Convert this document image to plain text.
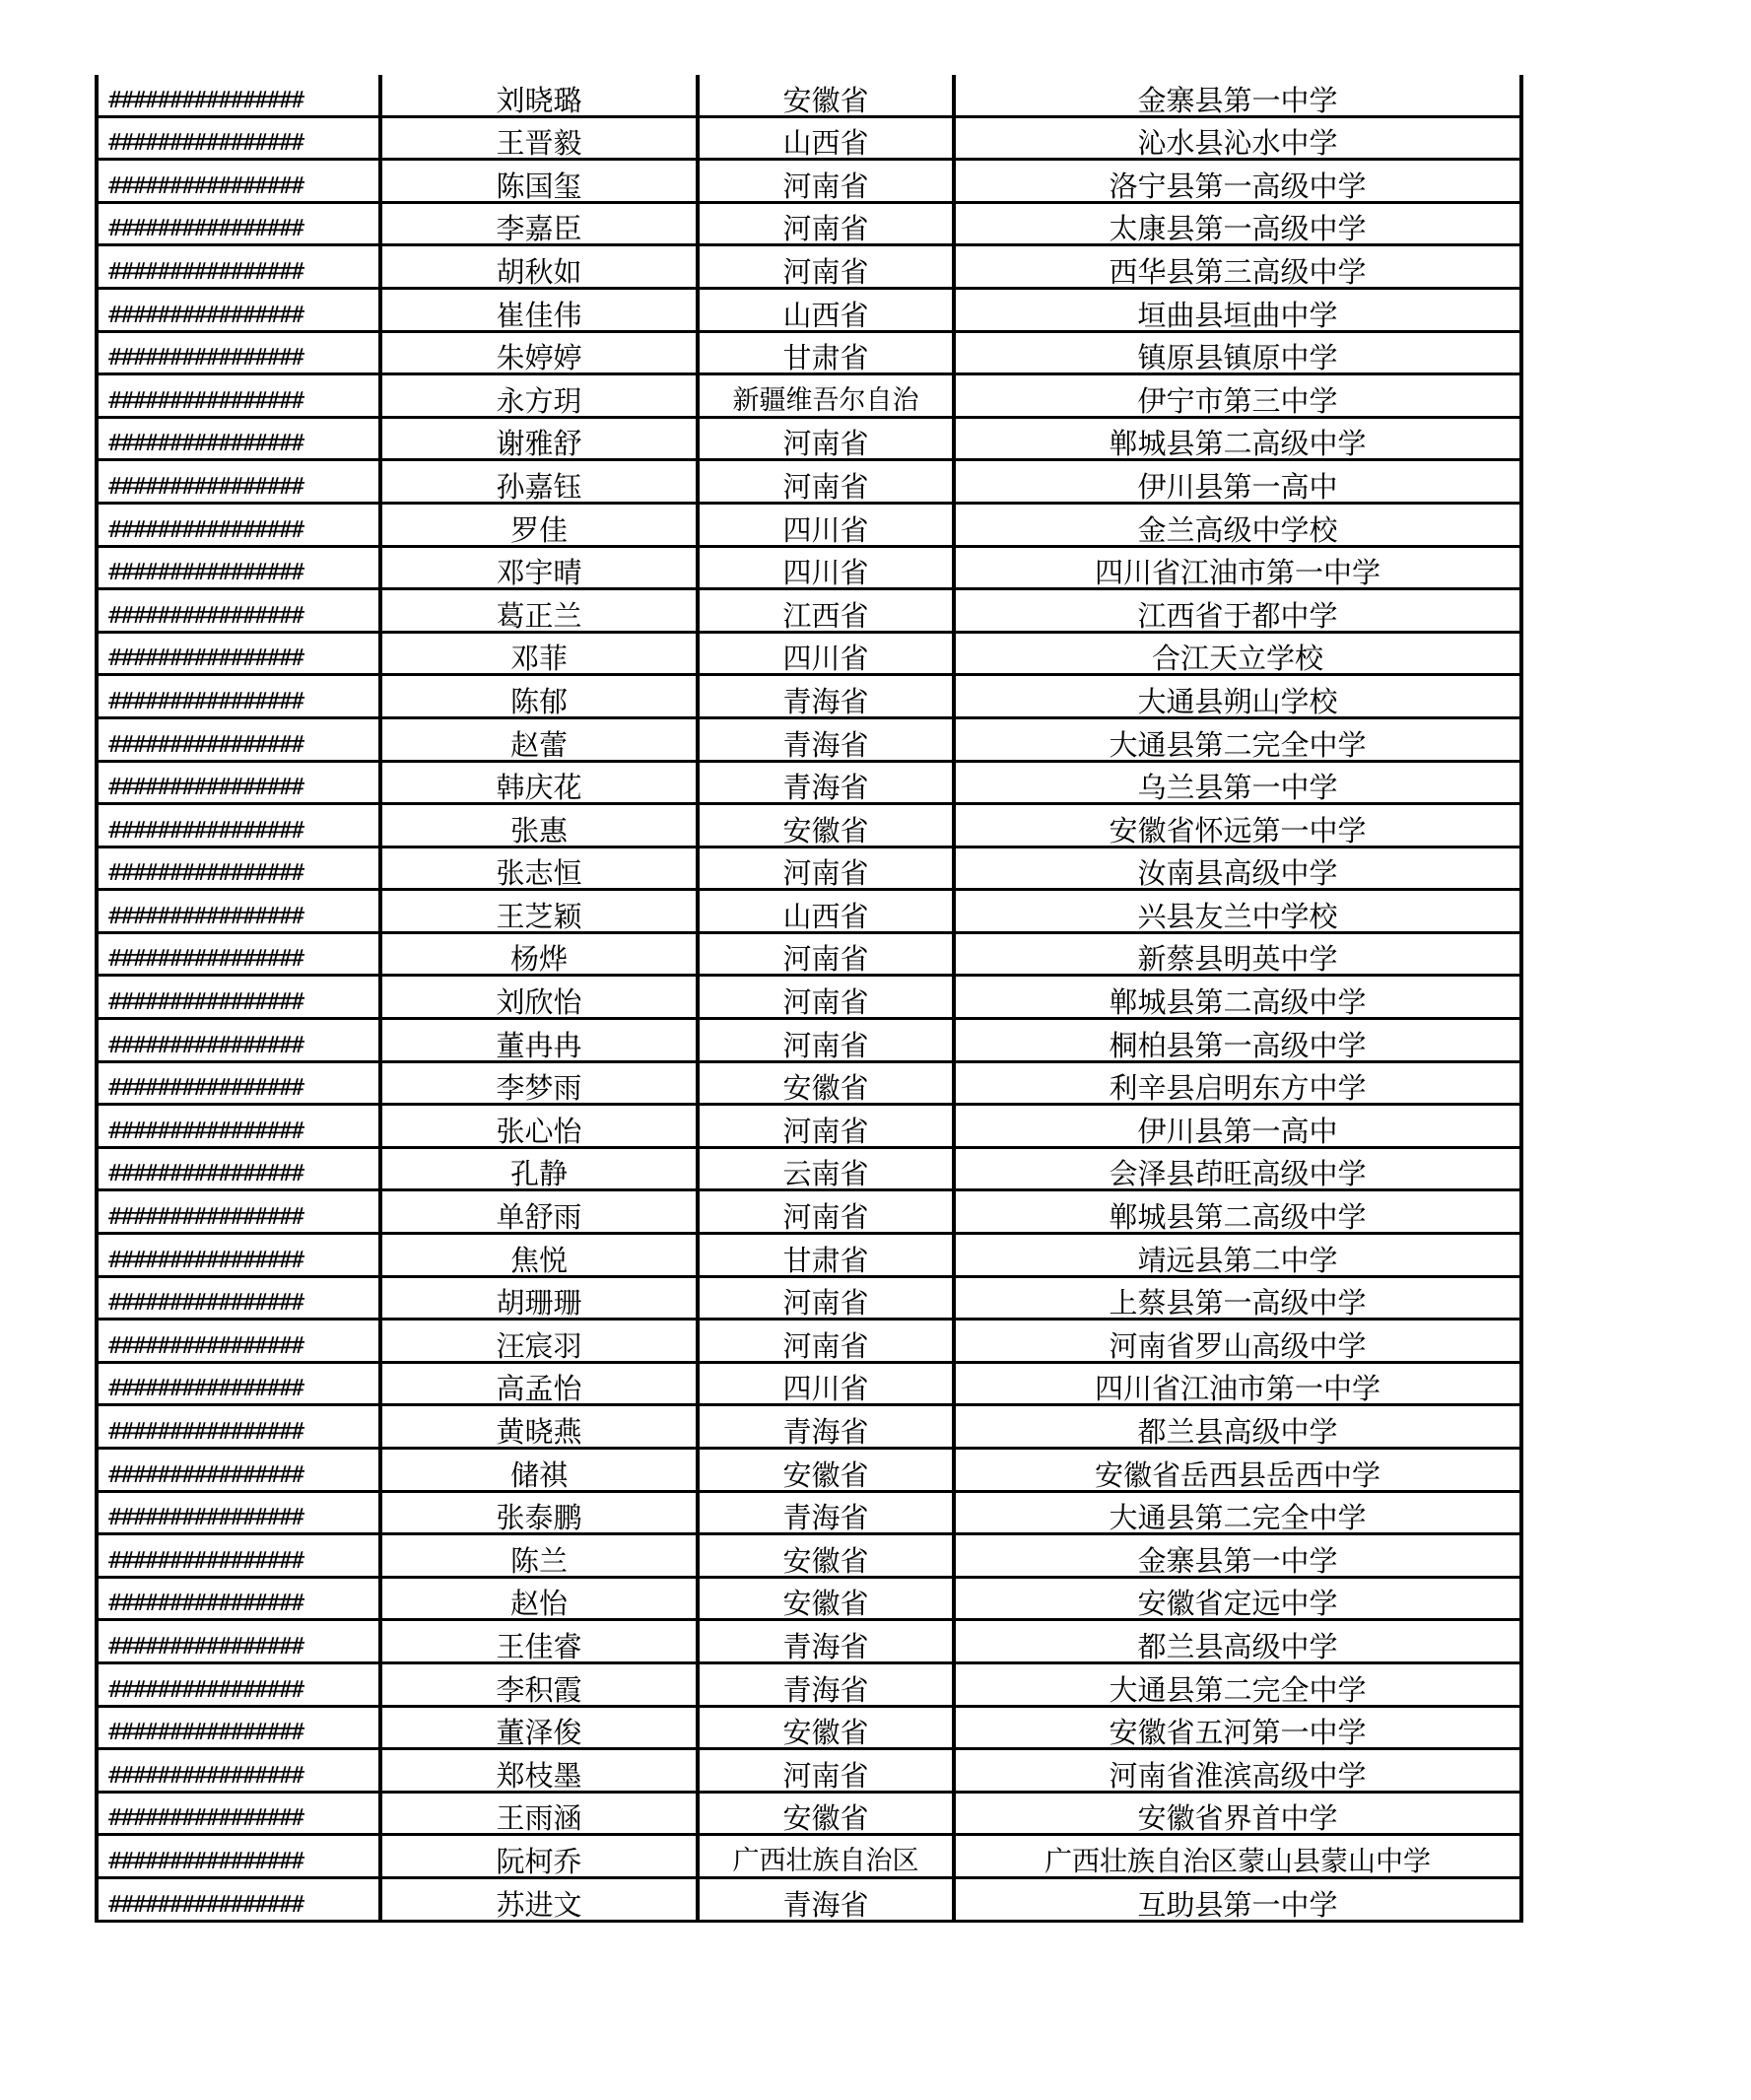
################	刘晓璐	安徽省	金寨县第一中学
################	王晋毅	山西省	沁水县沁水中学
################	陈国玺	河南省	洛宁县第一高级中学
################	李嘉臣	河南省	太康县第一高级中学
################	胡秋如	河南省	西华县第三高级中学
################	崔佳伟	山西省	垣曲县垣曲中学
################	朱婷婷	甘肃省	镇原县镇原中学
################	永方玥	新疆维吾尔自治	伊宁市第三中学
################	谢雅舒	河南省	郸城县第二高级中学
################	孙嘉钰	河南省	伊川县第一高中
################	罗佳	四川省	金兰高级中学校
################	邓宇晴	四川省	四川省江油市第一中学
################	葛正兰	江西省	江西省于都中学
################	邓菲	四川省	合江天立学校
################	陈郁	青海省	大通县朔山学校
################	赵蕾	青海省	大通县第二完全中学
################	韩庆花	青海省	乌兰县第一中学
################	张惠	安徽省	安徽省怀远第一中学
################	张志恒	河南省	汝南县高级中学
################	王芝颖	山西省	兴县友兰中学校
################	杨烨	河南省	新蔡县明英中学
################	刘欣怡	河南省	郸城县第二高级中学
################	董冉冉	河南省	桐柏县第一高级中学
################	李梦雨	安徽省	利辛县启明东方中学
################	张心怡	河南省	伊川县第一高中
################	孔静	云南省	会泽县茚旺高级中学
################	单舒雨	河南省	郸城县第二高级中学
################	焦悦	甘肃省	靖远县第二中学
################	胡珊珊	河南省	上蔡县第一高级中学
################	汪宸羽	河南省	河南省罗山高级中学
################	高孟怡	四川省	四川省江油市第一中学
################	黄晓燕	青海省	都兰县高级中学
################	储祺	安徽省	安徽省岳西县岳西中学
################	张泰鹏	青海省	大通县第二完全中学
################	陈兰	安徽省	金寨县第一中学
################	赵怡	安徽省	安徽省定远中学
################	王佳睿	青海省	都兰县高级中学
################	李积霞	青海省	大通县第二完全中学
################	董泽俊	安徽省	安徽省五河第一中学
################	郑枝墨	河南省	河南省淮滨高级中学
################	王雨涵	安徽省	安徽省界首中学
################	阮柯乔	广西壮族自治区	广西壮族自治区蒙山县蒙山中学
################	苏进文	青海省	互助县第一中学
